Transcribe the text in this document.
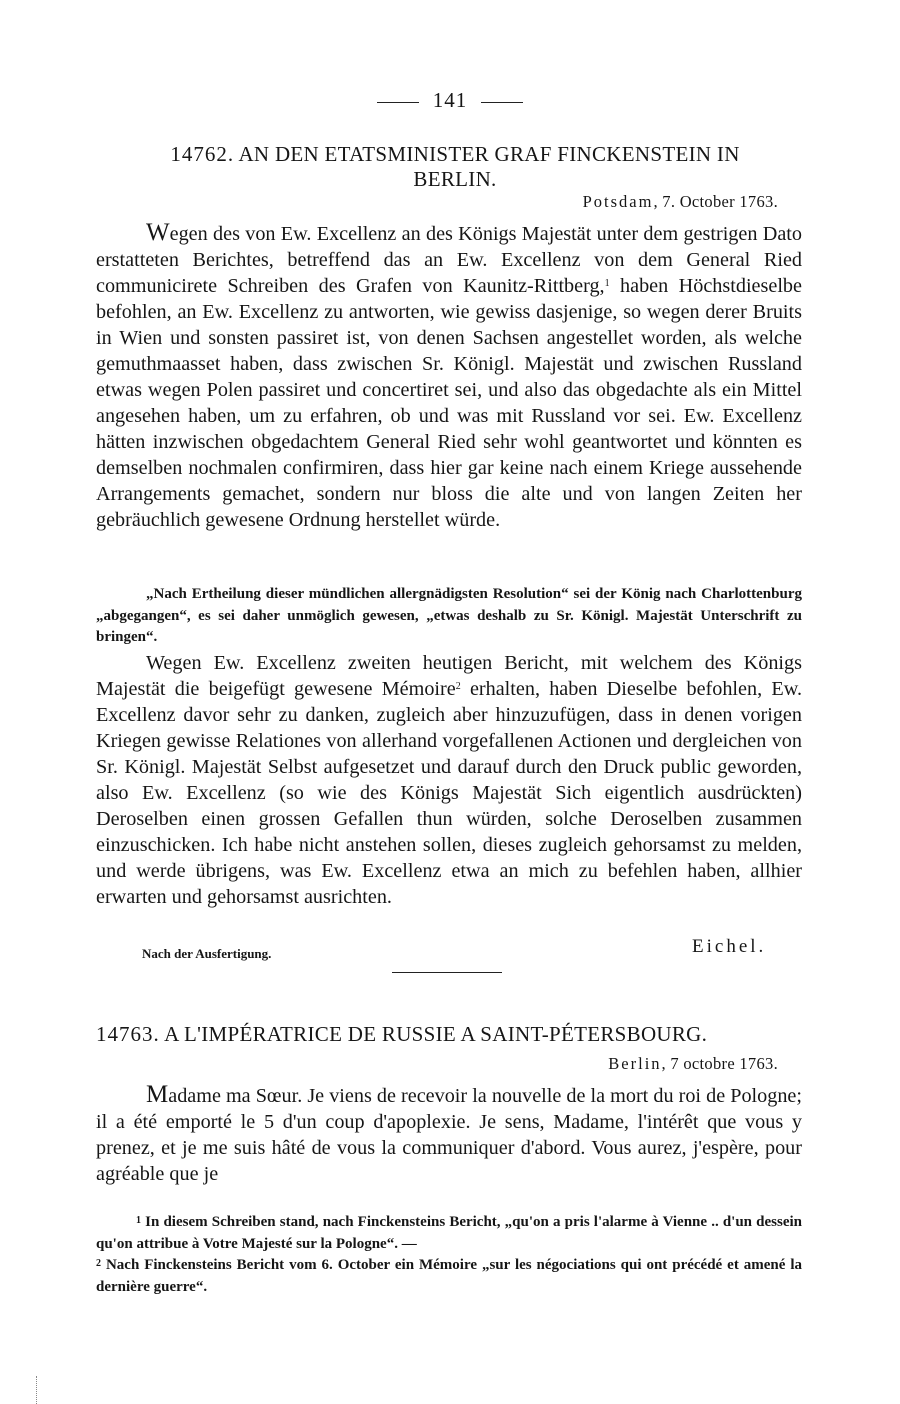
141
14762. AN DEN ETATSMINISTER GRAF FINCKENSTEIN IN BERLIN.
Potsdam, 7. October 1763.

Wegen des von Ew. Excellenz an des Königs Majestät unter dem gestrigen Dato erstatteten Berichtes, betreffend das an Ew. Excellenz von dem General Ried communicirete Schreiben des Grafen von Kaunitz-Rittberg,$^1$ haben Höchstdieselbe befohlen, an Ew. Excellenz zu antworten, wie gewiss dasjenige, so wegen derer Bruits in Wien und sonsten passiret ist, von denen Sachsen angestellet worden, als welche gemuthmaasset haben, dass zwischen Sr. Königl. Majestät und zwischen Russland etwas wegen Polen passiret und concertiret sei, und also das obgedachte als ein Mittel angesehen haben, um zu erfahren, ob und was mit Russland vor sei. Ew. Excellenz hätten inzwischen obgedachtem General Ried sehr wohl geantwortet und könnten es demselben nochmalen confirmiren, dass hier gar keine nach einem Kriege aussehende Arrangements gemachet, sondern nur bloss die alte und von langen Zeiten her gebräuchlich gewesene Ordnung herstellet würde.

„Nach Ertheilung dieser mündlichen allergnädigsten Resolution“ sei der König nach Charlottenburg „abgegangen“, es sei daher unmöglich gewesen, „etwas deshalb zu Sr. Königl. Majestät Unterschrift zu bringen“.

Wegen Ew. Excellenz zweiten heutigen Bericht, mit welchem des Königs Majestät die beigefügt gewesene Mémoire$^2$ erhalten, haben Dieselbe befohlen, Ew. Excellenz davor sehr zu danken, zugleich aber hinzuzufügen, dass in denen vorigen Kriegen gewisse Relationes von allerhand vorgefallenen Actionen und dergleichen von Sr. Königl. Majestät Selbst aufgesetzet und darauf durch den Druck public geworden, also Ew. Excellenz (so wie des Königs Majestät Sich eigentlich ausdrückten) Deroselben einen grossen Gefallen thun würden, solche Deroselben zusammen einzuschicken. Ich habe nicht anstehen sollen, dieses zugleich gehorsamst zu melden, und werde übrigens, was Ew. Excellenz etwa an mich zu befehlen haben, allhier erwarten und gehorsamst ausrichten.

Nach der Ausfertigung.	Eichel.
14763. A L'IMPÉRATRICE DE RUSSIE A SAINT-PÉTERSBOURG.
Berlin, 7 octobre 1763.

Madame ma Sœur. Je viens de recevoir la nouvelle de la mort du roi de Pologne; il a été emporté le 5 d'un coup d'apoplexie. Je sens, Madame, l'intérêt que vous y prenez, et je me suis hâté de vous la communiquer d'abord. Vous aurez, j'espère, pour agréable que je

$^1$ In diesem Schreiben stand, nach Finckensteins Bericht, „qu'on a pris l'alarme à Vienne .. d'un dessein qu'on attribue à Votre Majesté sur la Pologne“. —

$^2$ Nach Finckensteins Bericht vom 6. October ein Mémoire „sur les négociations qui ont précédé et amené la dernière guerre“.
